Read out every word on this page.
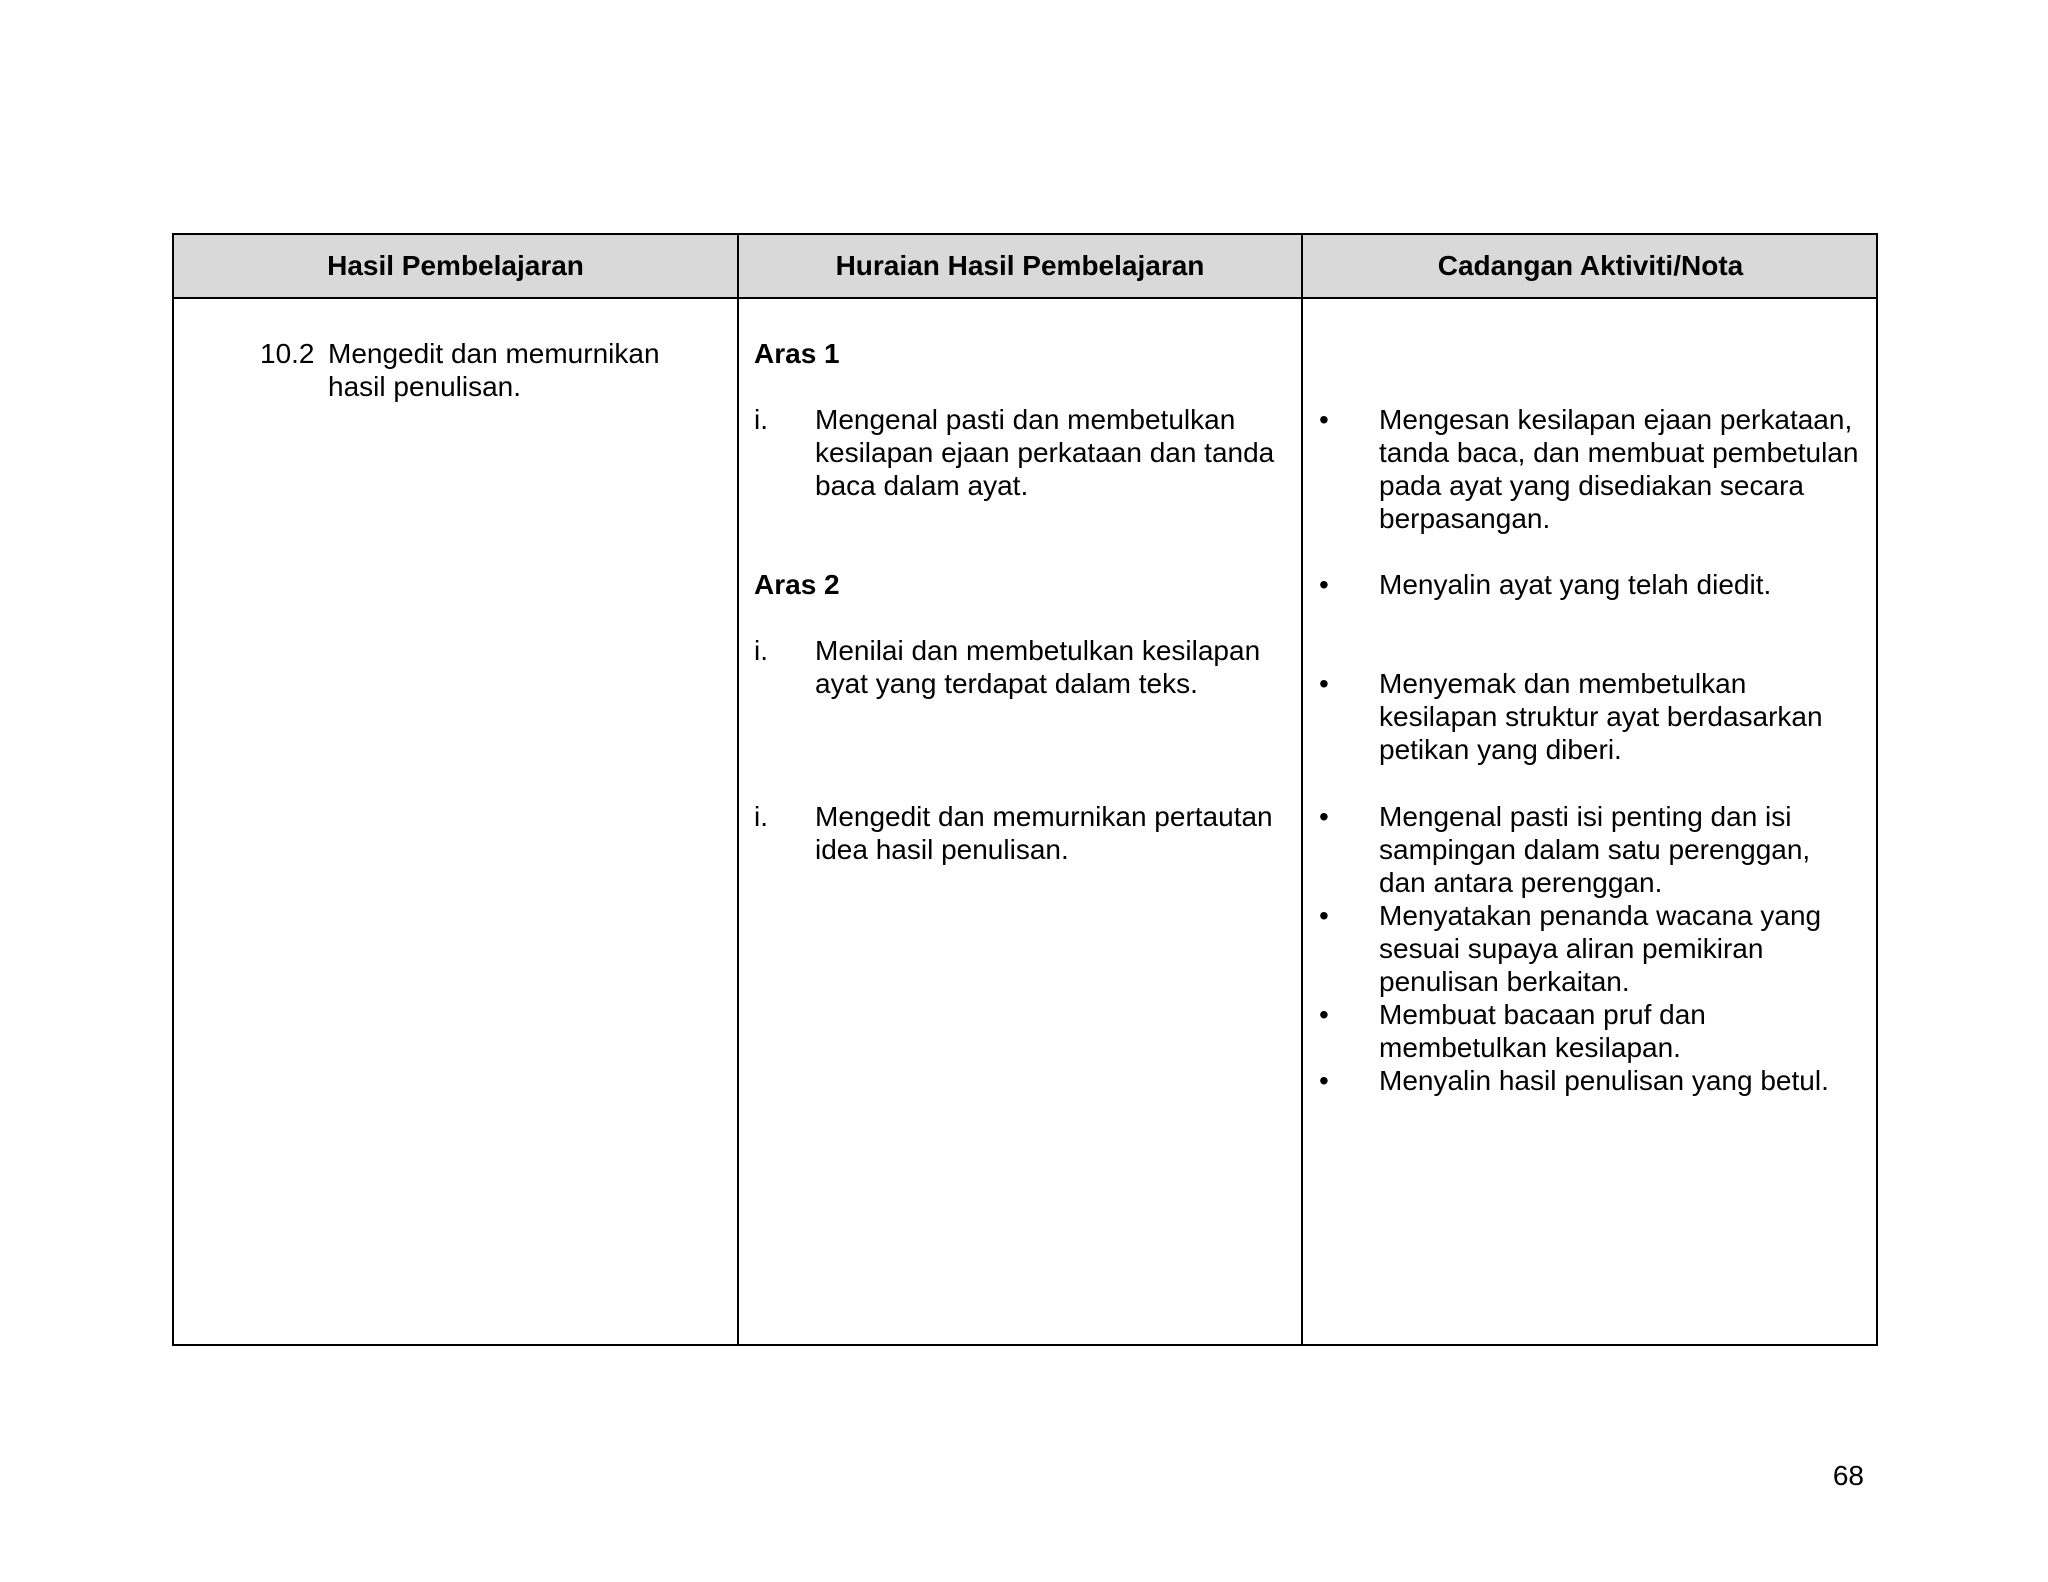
Hasil Pembelajaran	Huraian Hasil Pembelajaran	Cadangan Aktiviti/Nota
10.2 Mengedit dan memurnikan
hasil penulisan.
Aras 1
i. Mengenal pasti dan membetulkan
kesilapan ejaan perkataan dan tanda
baca dalam ayat.
Aras 2
i. Menilai dan membetulkan kesilapan
ayat yang terdapat dalam teks.
i. Mengedit dan memurnikan pertautan
idea hasil penulisan.
• Mengesan kesilapan ejaan perkataan,
tanda baca, dan membuat pembetulan
pada ayat yang disediakan secara
berpasangan.
• Menyalin ayat yang telah diedit.
• Menyemak dan membetulkan
kesilapan struktur ayat berdasarkan
petikan yang diberi.
• Mengenal pasti isi penting dan isi
sampingan dalam satu perenggan,
dan antara perenggan.
• Menyatakan penanda wacana yang
sesuai supaya aliran pemikiran
penulisan berkaitan.
• Membuat bacaan pruf dan
membetulkan kesilapan.
• Menyalin hasil penulisan yang betul.
68
